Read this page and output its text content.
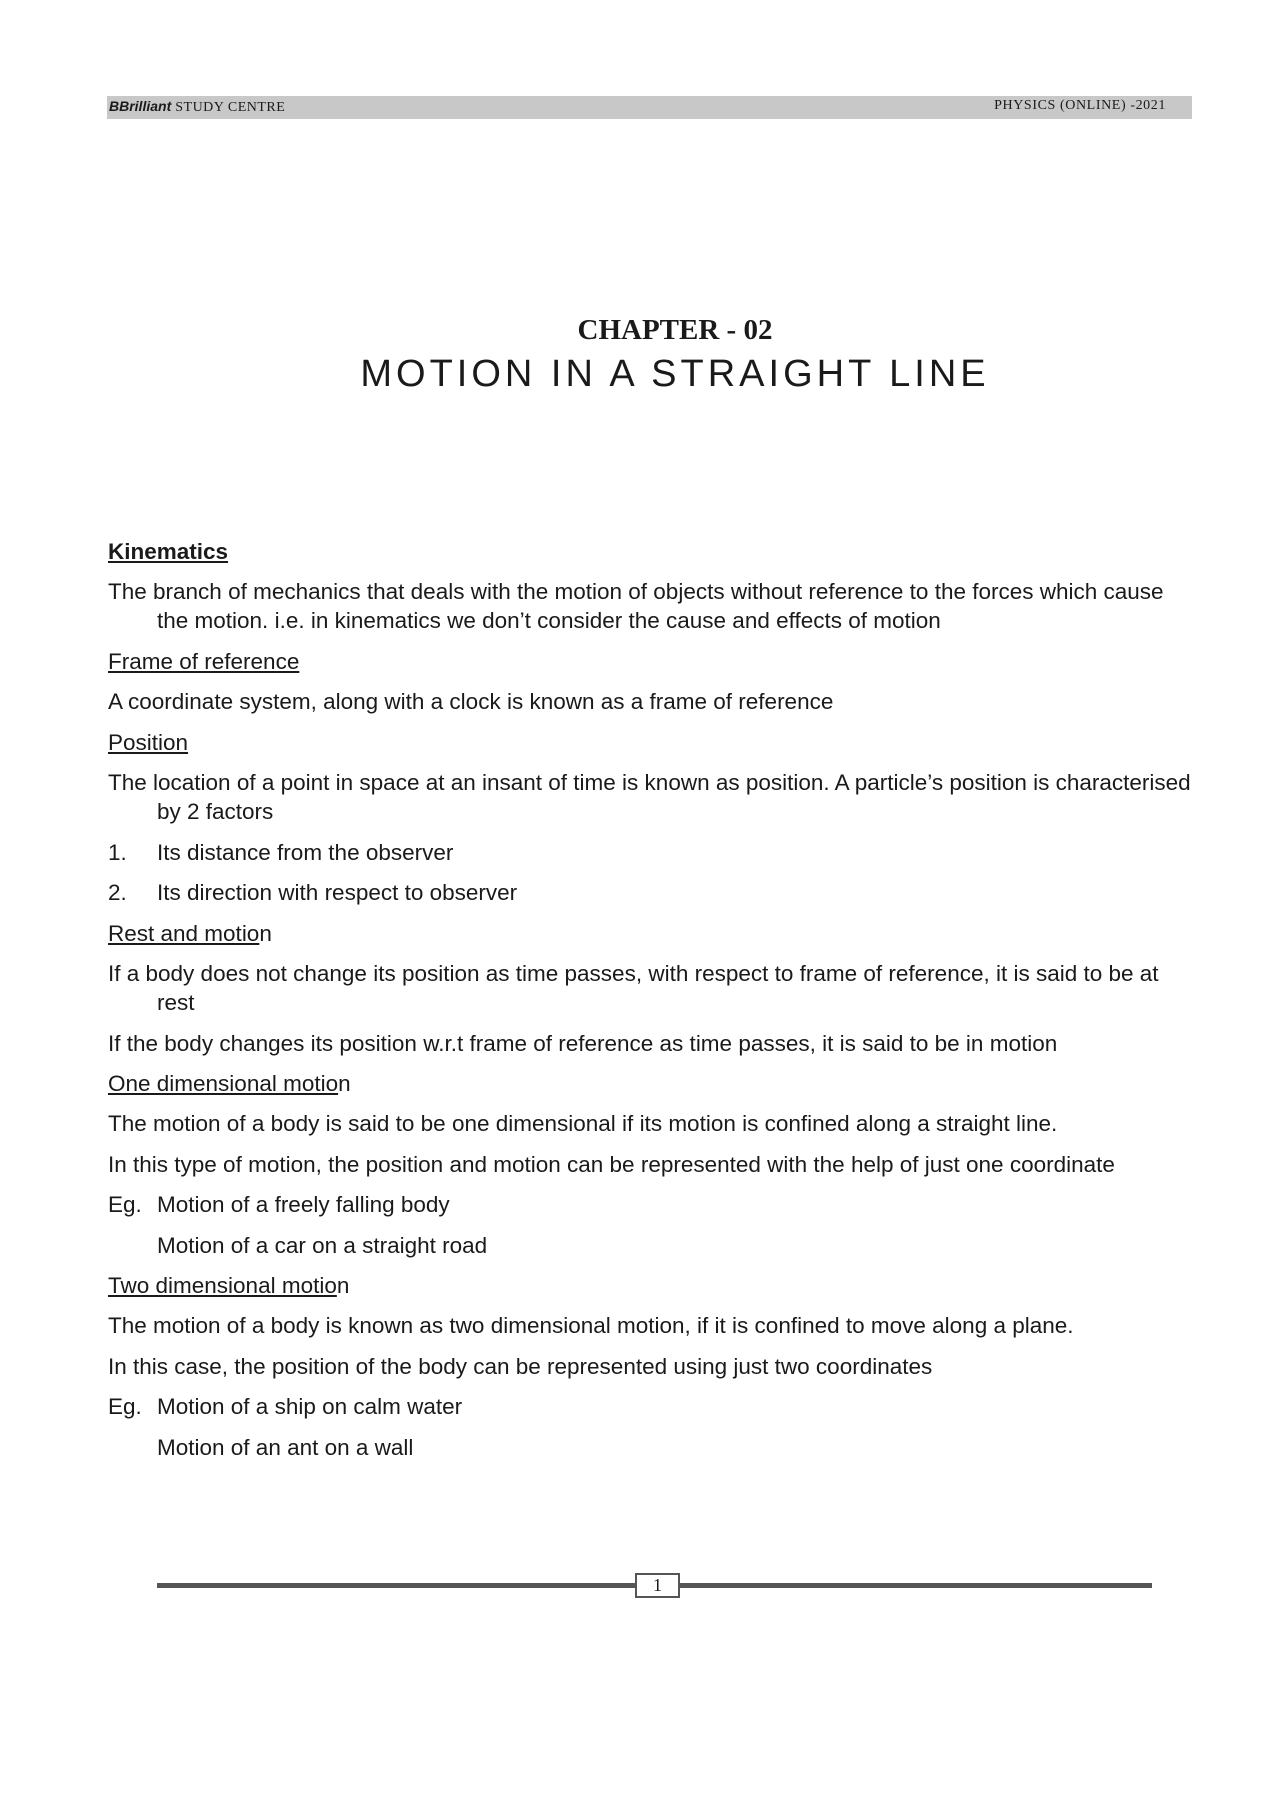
BBrilliant STUDY CENTRE	PHYSICS (ONLINE) -2021
CHAPTER - 02
MOTION IN A STRAIGHT LINE
Kinematics
The branch of mechanics that deals with the motion of objects without reference to the forces which cause
the motion. i.e. in kinematics we don’t consider the cause and effects of motion
Frame of reference
A coordinate system, along with a clock is known as a frame of reference
Position
The location of a point in space at an insant of time is known as position. A particle’s position is characterised
by 2 factors
1. Its distance from the observer
2. Its direction with respect to observer
Rest and motion
If a body does not change its position as time passes, with respect to frame of reference, it is said to be at
rest
If the body changes its position w.r.t frame of reference as time passes, it is said to be in motion
One dimensional motion
The motion of a body is said to be one dimensional if its motion is confined along a straight line.
In this type of motion, the position and motion can be represented with the help of just one coordinate
Eg. Motion of a freely falling body
Motion of a car on a straight road
Two dimensional motion
The motion of a body is known as two dimensional motion, if it is confined to move along a plane.
In this case, the position of the body can be represented using just two coordinates
Eg. Motion of a ship on calm water
Motion of an ant on a wall
1
